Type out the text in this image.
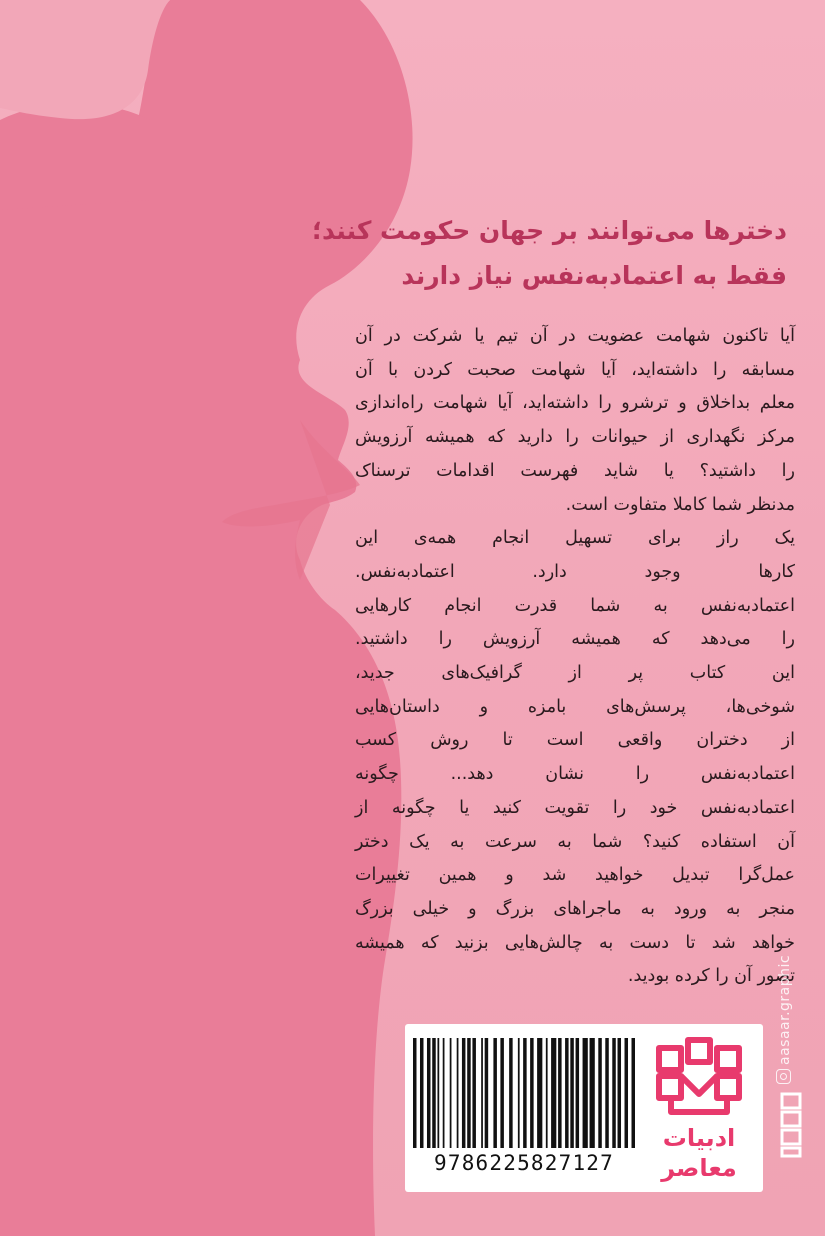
دخترها می‌توانند بر جهان حکومت کنند؛
فقط به اعتمادبه‌نفس نیاز دارند
آیا تاکنون شهامت عضویت در آن تیم یا شرکت در آن
مسابقه را داشته‌اید، آیا شهامت صحبت کردن با آن
معلم بداخلاق و ترشرو را داشته‌اید، آیا شهامت راه‌اندازی
مرکز نگهداری از حیوانات را دارید که همیشه آرزویش
را داشتید؟ یا شاید فهرست اقدامات ترسناک
مدنظر شما کاملا متفاوت است.
یک راز برای تسهیل انجام همه‌ی این
کارها وجود دارد. اعتمادبه‌نفس.
اعتمادبه‌نفس به شما قدرت انجام کارهایی
را می‌دهد که همیشه آرزویش را داشتید.
این کتاب پر از گرافیک‌های جدید،
شوخی‌ها، پرسش‌های بامزه و داستان‌هایی
از دختران واقعی است تا روش کسب
اعتمادبه‌نفس را نشان دهد... چگونه
اعتمادبه‌نفس خود را تقویت کنید یا چگونه از
آن استفاده کنید؟ شما به سرعت به یک دختر
عمل‌گرا تبدیل خواهید شد و همین تغییرات
منجر به ورود به ماجراهای بزرگ و خیلی بزرگ
خواهد شد تا دست به چالش‌هایی بزنید که همیشه
تصور آن را کرده بودید.
9786225827127
ادبیات
معاصر
aasaar.graphic
